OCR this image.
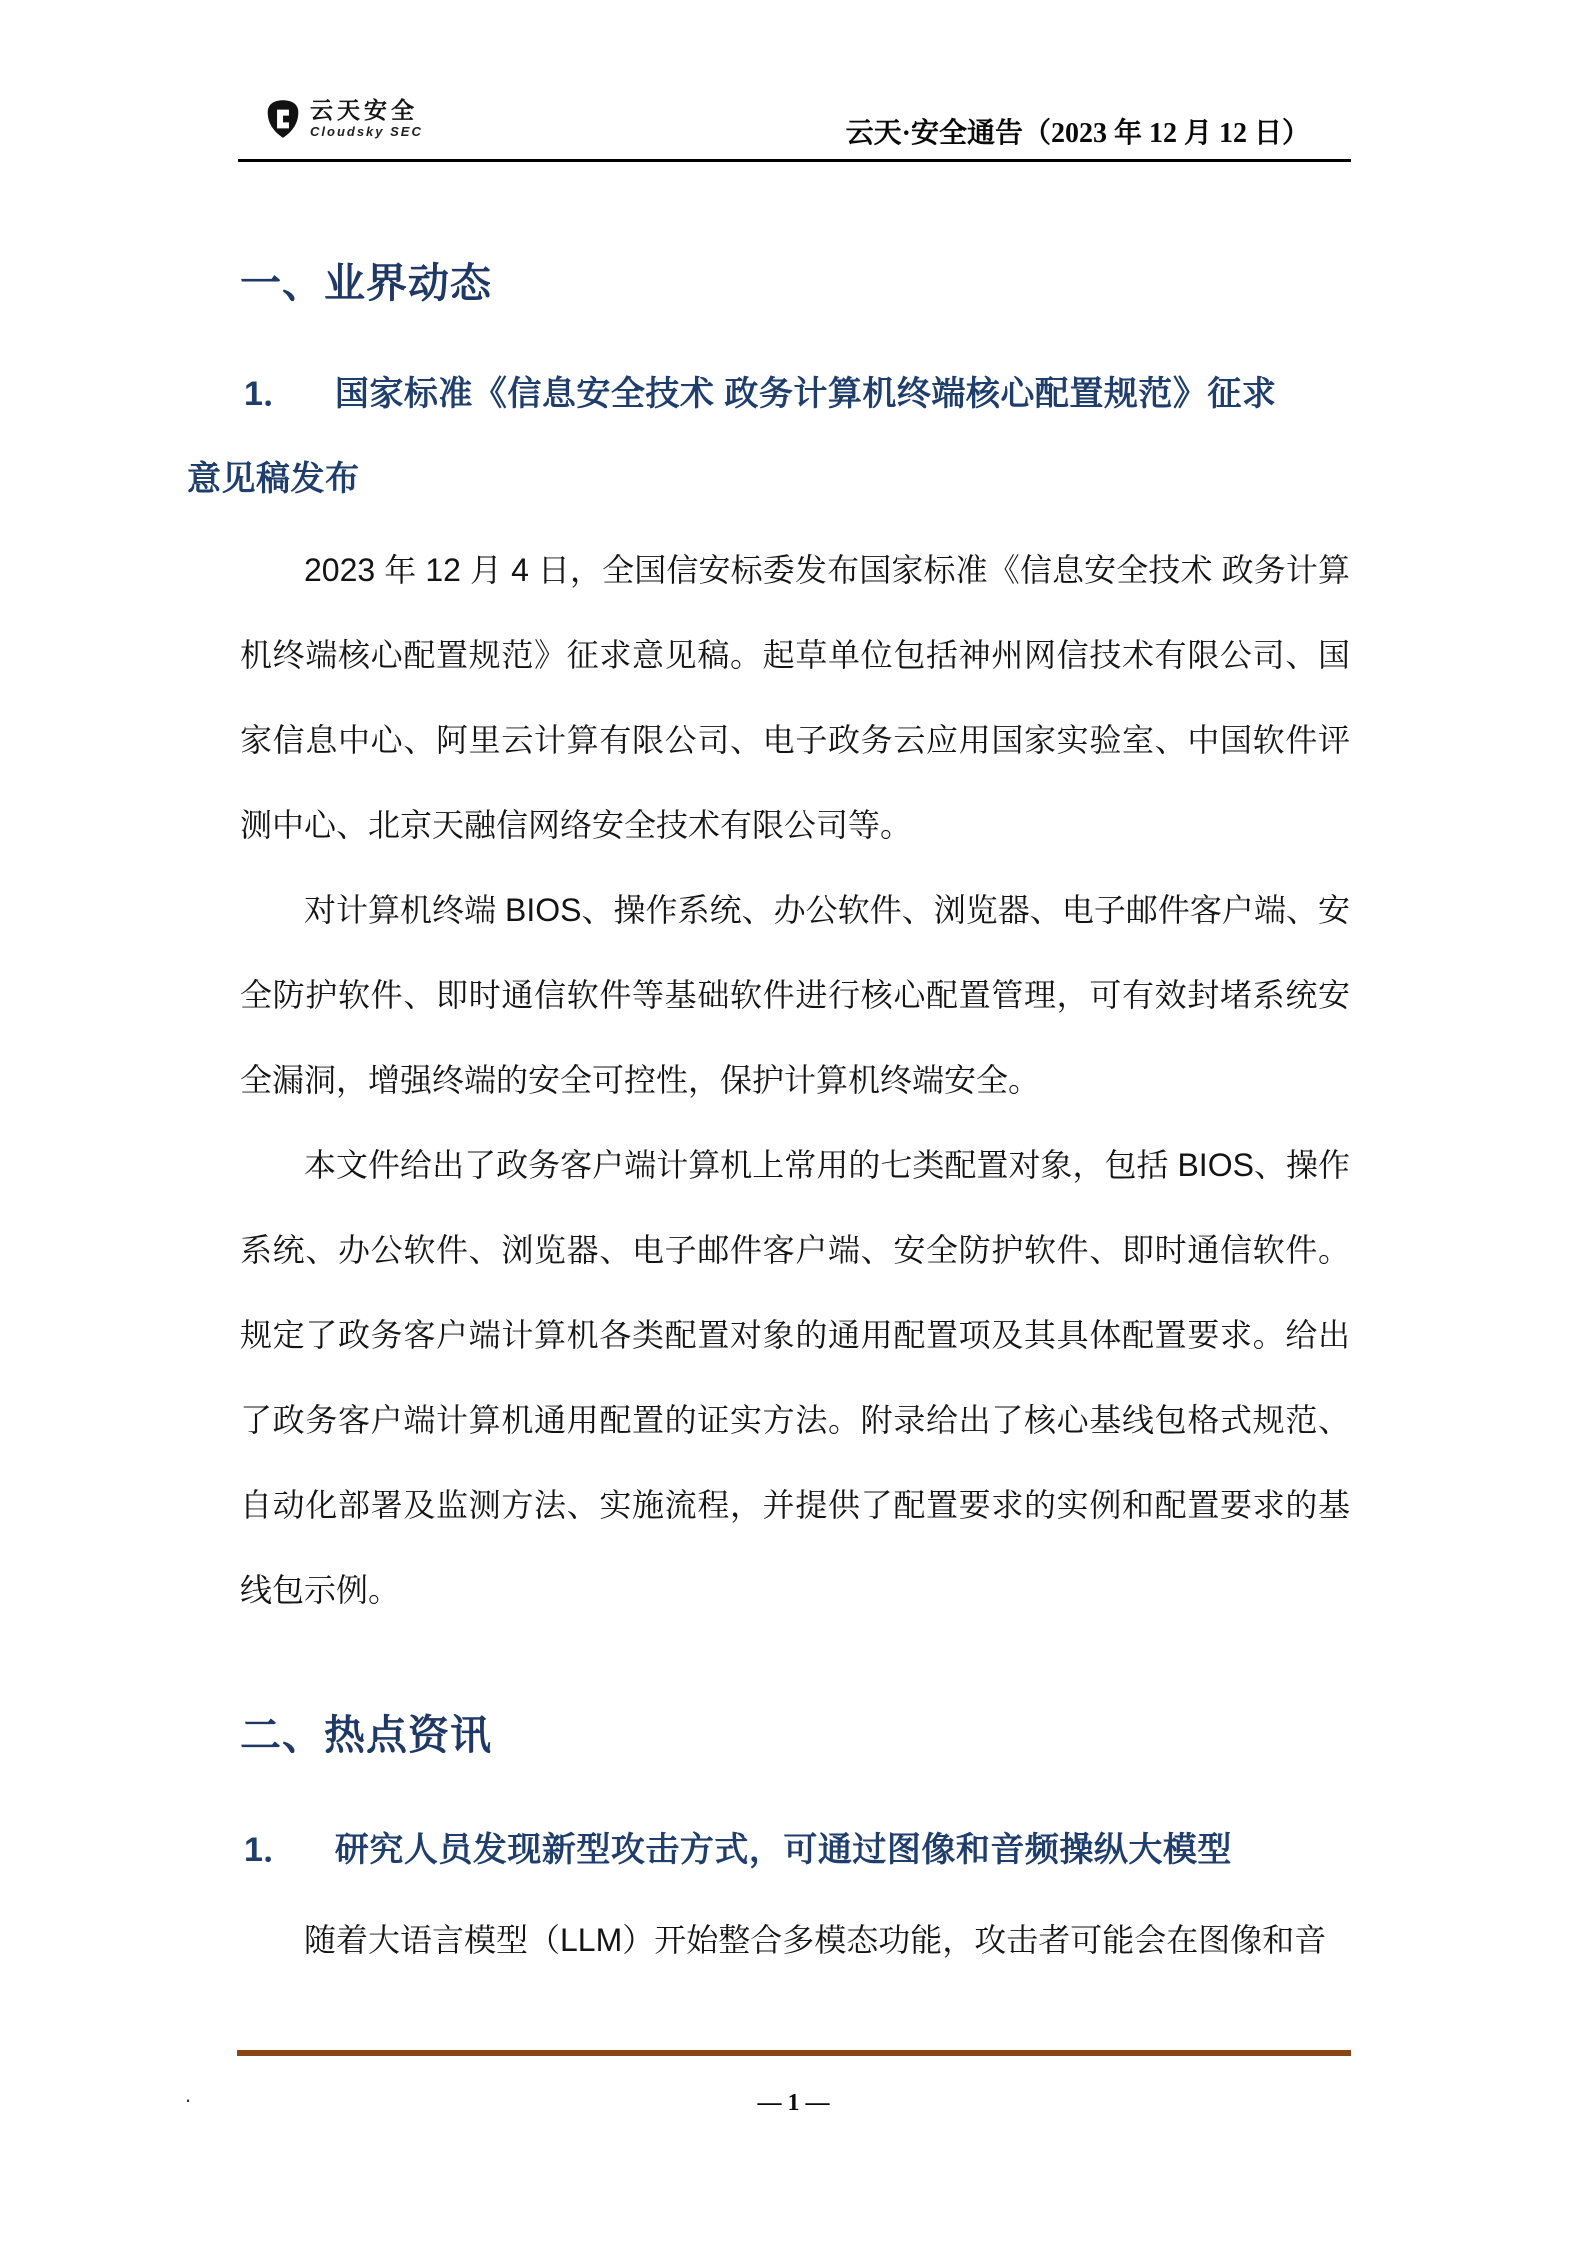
云天安全
Cloudsky SEC	云天·安全通告（2023 年 12 月 12 日）
一、业界动态
1． 国家标准《信息安全技术 政务计算机终端核心配置规范》征求意见稿发布

2023 年 12 月 4 日，全国信安标委发布国家标准《信息安全技术 政务计算机终端核心配置规范》征求意见稿。起草单位包括神州网信技术有限公司、国家信息中心、阿里云计算有限公司、电子政务云应用国家实验室、中国软件评测中心、北京天融信网络安全技术有限公司等。

对计算机终端 BIOS、操作系统、办公软件、浏览器、电子邮件客户端、安全防护软件、即时通信软件等基础软件进行核心配置管理，可有效封堵系统安全漏洞，增强终端的安全可控性，保护计算机终端安全。

本文件给出了政务客户端计算机上常用的七类配置对象，包括 BIOS、操作系统、办公软件、浏览器、电子邮件客户端、安全防护软件、即时通信软件。规定了政务客户端计算机各类配置对象的通用配置项及其具体配置要求。给出了政务客户端计算机通用配置的证实方法。附录给出了核心基线包格式规范、自动化部署及监测方法、实施流程，并提供了配置要求的实例和配置要求的基线包示例。

二、热点资讯
1． 研究人员发现新型攻击方式，可通过图像和音频操纵大模型

随着大语言模型（LLM）开始整合多模态功能，攻击者可能会在图像和音

.	— 1 —
